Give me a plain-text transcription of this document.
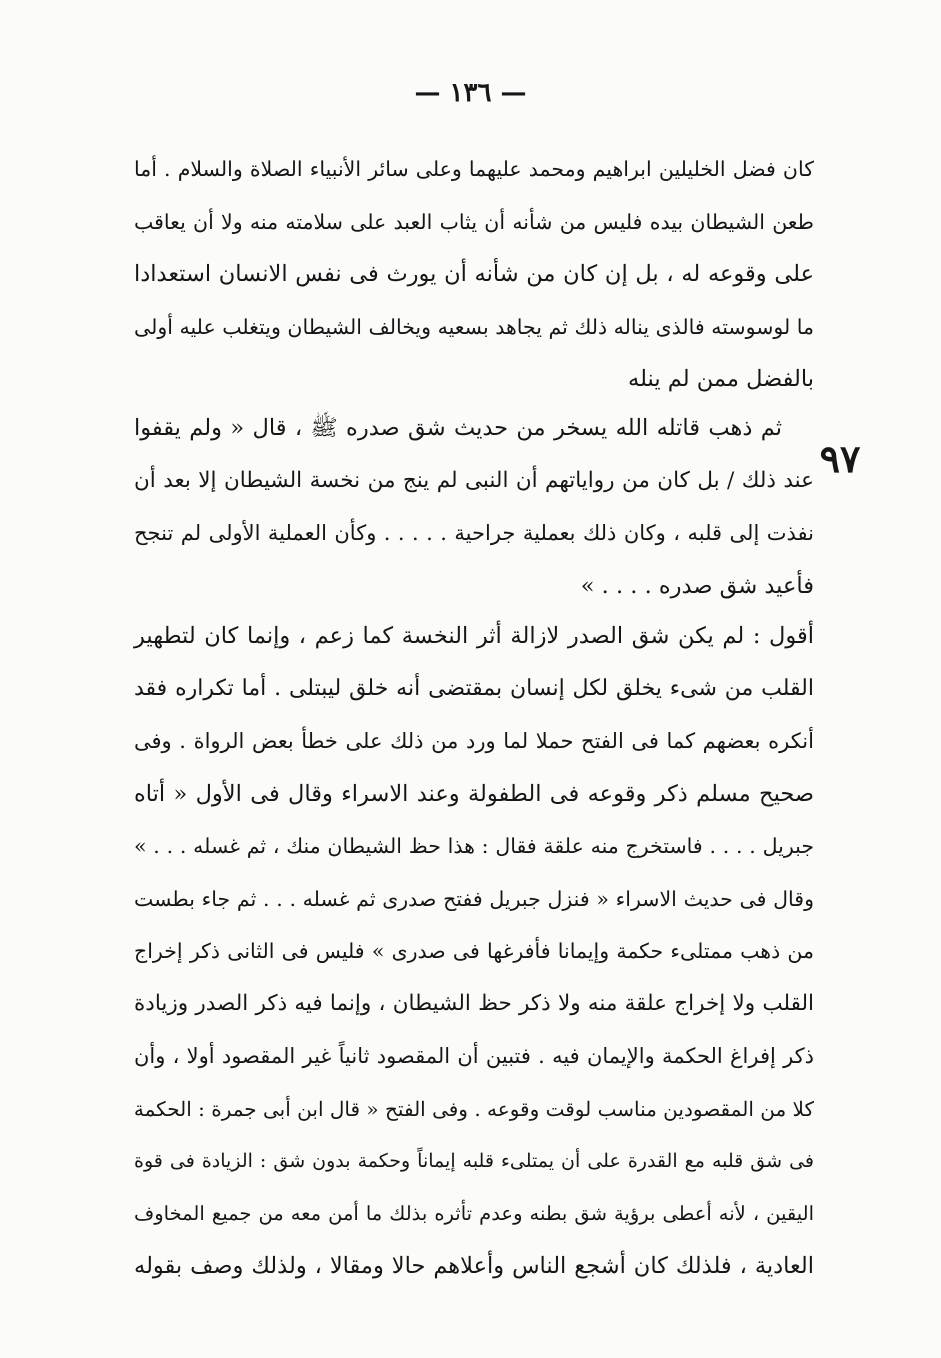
— ١٣٦ —
٩٧
كان فضل الخليلين ابراهيم ومحمد عليهما وعلى سائر الأنبياء الصلاة والسلام . أما
طعن الشيطان بيده فليس من شأنه أن يثاب العبد على سلامته منه ولا أن يعاقب
على وقوعه له ، بل إن كان من شأنه أن يورث فى نفس الانسان استعدادا
ما لوسوسته فالذى يناله ذلك ثم يجاهد بسعيه ويخالف الشيطان ويتغلب عليه أولى
بالفضل ممن لم ينله
ثم ذهب قاتله الله يسخر من حديث شق صدره ﷺ ، قال « ولم يقفوا
عند ذلك / بل كان من رواياتهم أن النبى لم ينج من نخسة الشيطان إلا بعد أن
نفذت إلى قلبه ، وكان ذلك بعملية جراحية . . . . . وكأن العملية الأولى لم تنجح
فأعيد شق صدره . . . . »
أقول : لم يكن شق الصدر لازالة أثر النخسة كما زعم ، وإنما كان لتطهير
القلب من شىء يخلق لكل إنسان بمقتضى أنه خلق ليبتلى . أما تكراره فقد
أنكره بعضهم كما فى الفتح حملا لما ورد من ذلك على خطأ بعض الرواة . وفى
صحيح مسلم ذكر وقوعه فى الطفولة وعند الاسراء وقال فى الأول « أتاه
جبريل . . . . فاستخرج منه علقة فقال : هذا حظ الشيطان منك ، ثم غسله . . . »
وقال فى حديث الاسراء « فنزل جبريل ففتح صدرى ثم غسله . . . ثم جاء بطست
من ذهب ممتلىء حكمة وإيمانا فأفرغها فى صدرى » فليس فى الثانى ذكر إخراج
القلب ولا إخراج علقة منه ولا ذكر حظ الشيطان ، وإنما فيه ذكر الصدر وزيادة
ذكر إفراغ الحكمة والإيمان فيه . فتبين أن المقصود ثانياً غير المقصود أولا ، وأن
كلا من المقصودين مناسب لوقت وقوعه . وفى الفتح « قال ابن أبى جمرة : الحكمة
فى شق قلبه مع القدرة على أن يمتلىء قلبه إيماناً وحكمة بدون شق : الزيادة فى قوة
اليقين ، لأنه أعطى برؤية شق بطنه وعدم تأثره بذلك ما أمن معه من جميع المخاوف
العادية ، فلذلك كان أشجع الناس وأعلاهم حالا ومقالا ، ولذلك وصف بقوله
